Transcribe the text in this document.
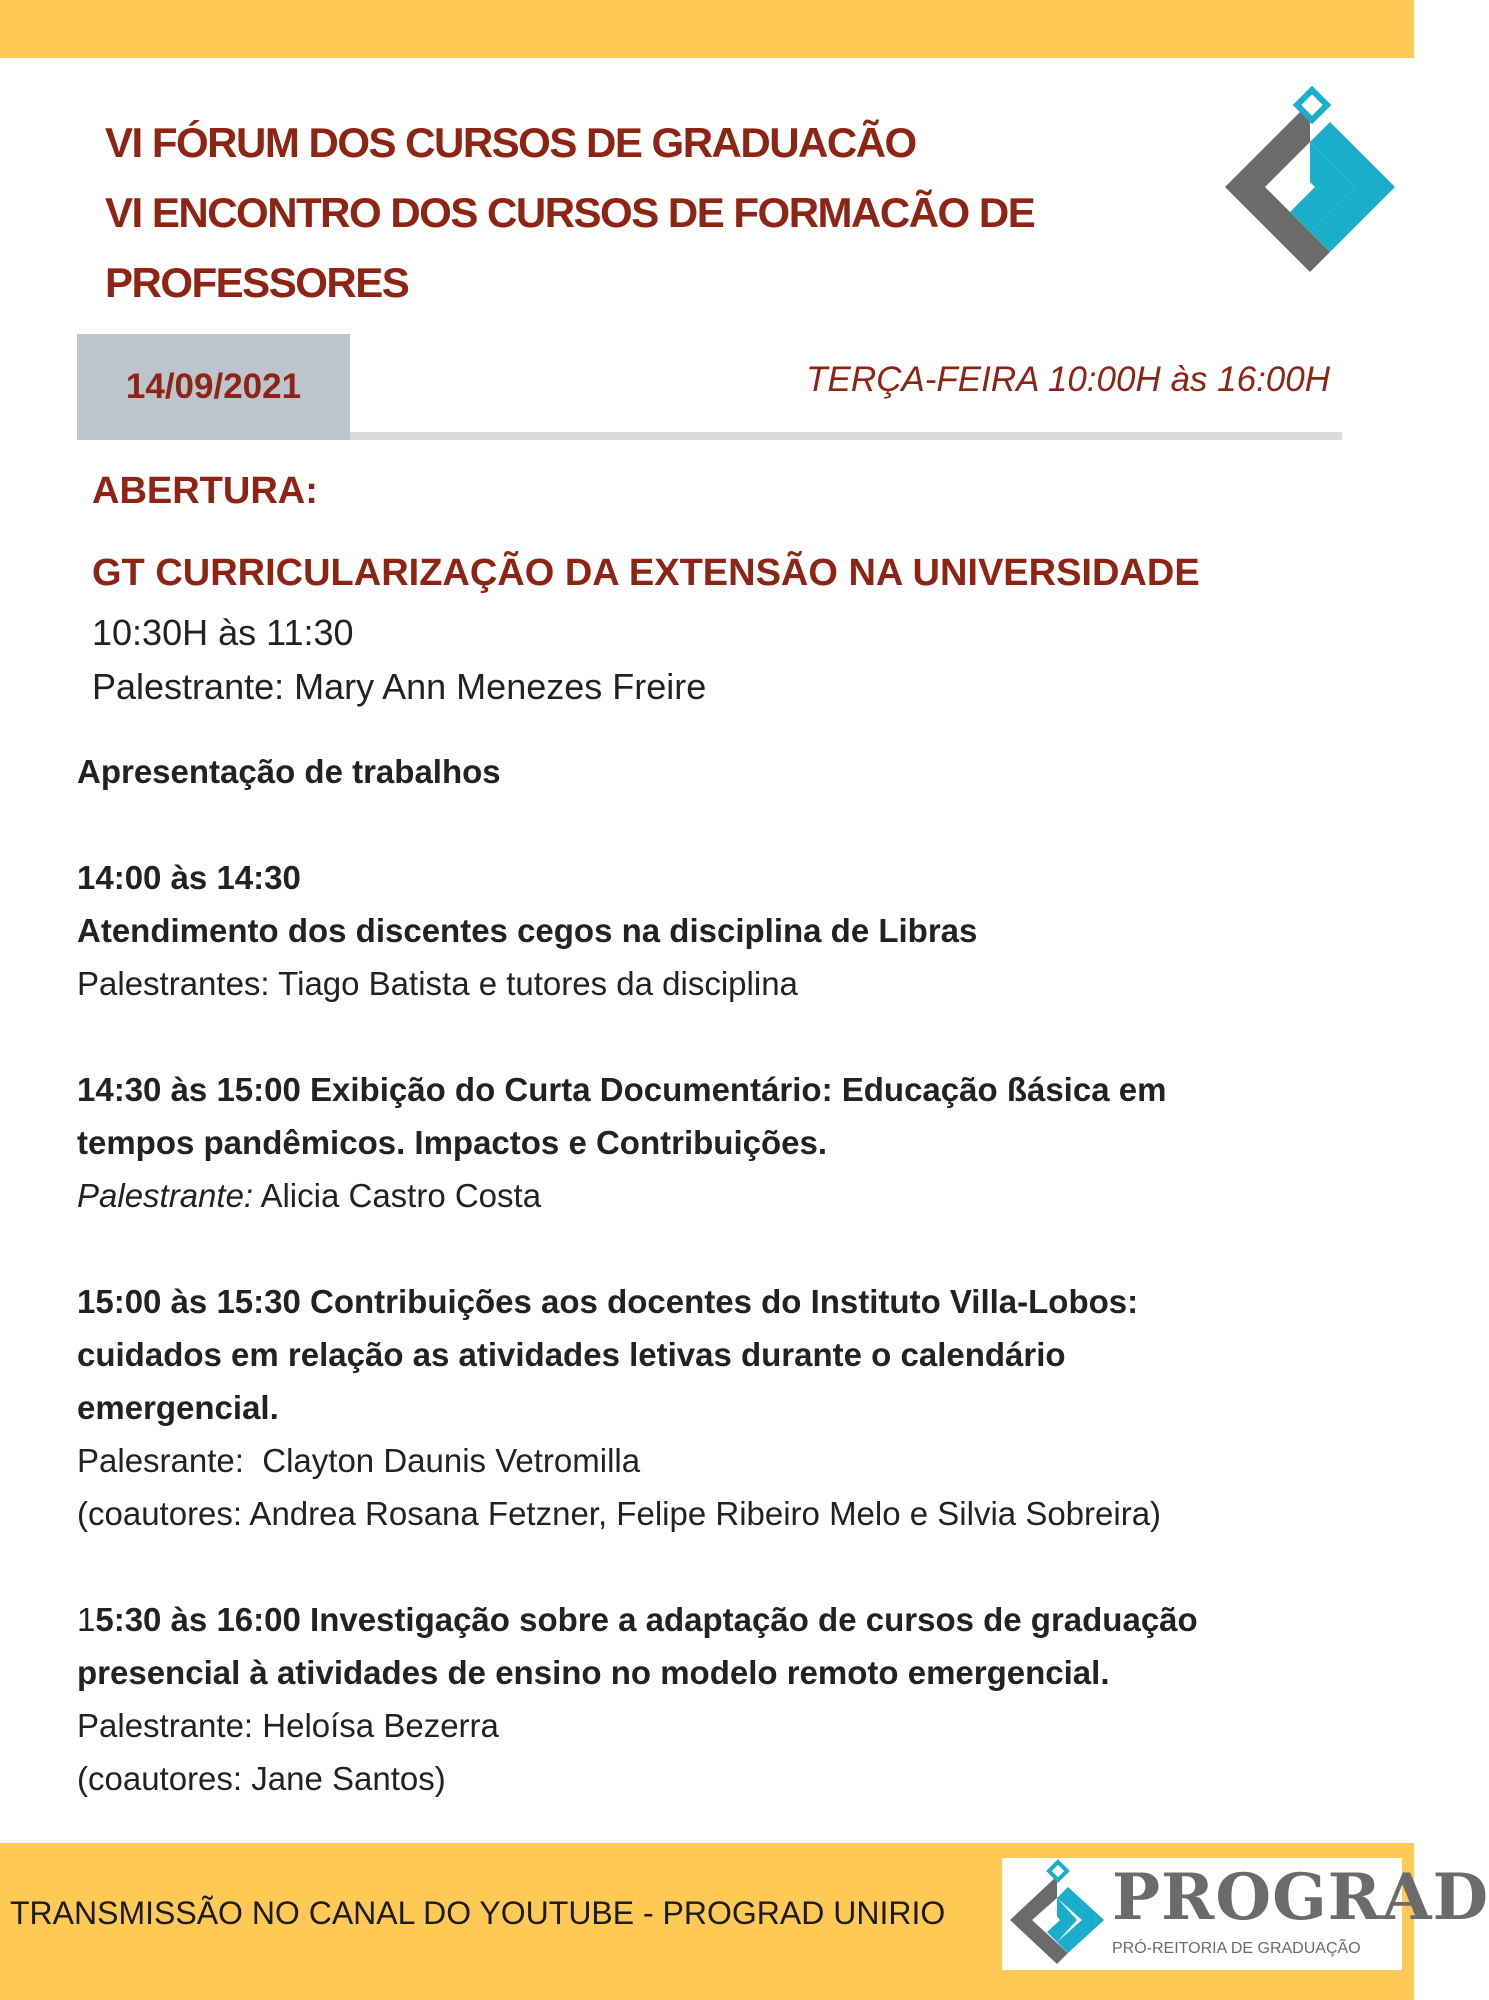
VI FÓRUM DOS CURSOS DE GRADUACÃO
VI ENCONTRO DOS CURSOS DE FORMACÃO DE
PROFESSORES
14/09/2021	TERÇA-FEIRA 10:00H às 16:00H
ABERTURA:
GT CURRICULARIZAÇÃO DA EXTENSÃO NA UNIVERSIDADE
10:30H às 11:30
Palestrante: Mary Ann Menezes Freire
Apresentação de trabalhos
14:00 às 14:30
Atendimento dos discentes cegos na disciplina de Libras
Palestrantes: Tiago Batista e tutores da disciplina
14:30 às 15:00 Exibição do Curta Documentário: Educação ßásica em
tempos pandêmicos. Impactos e Contribuições.
Palestrante: Alicia Castro Costa
15:00 às 15:30 Contribuições aos docentes do Instituto Villa-Lobos:
cuidados em relação as atividades letivas durante o calendário
emergencial.
Palesrante:  Clayton Daunis Vetromilla
(coautores: Andrea Rosana Fetzner, Felipe Ribeiro Melo e Silvia Sobreira)
15:30 às 16:00 Investigação sobre a adaptação de cursos de graduação
presencial à atividades de ensino no modelo remoto emergencial.
Palestrante: Heloísa Bezerra
(coautores: Jane Santos)
TRANSMISSÃO NO CANAL DO YOUTUBE - PROGRAD UNIRIO	PROGRAD
PRÓ-REITORIA DE GRADUAÇÃO
